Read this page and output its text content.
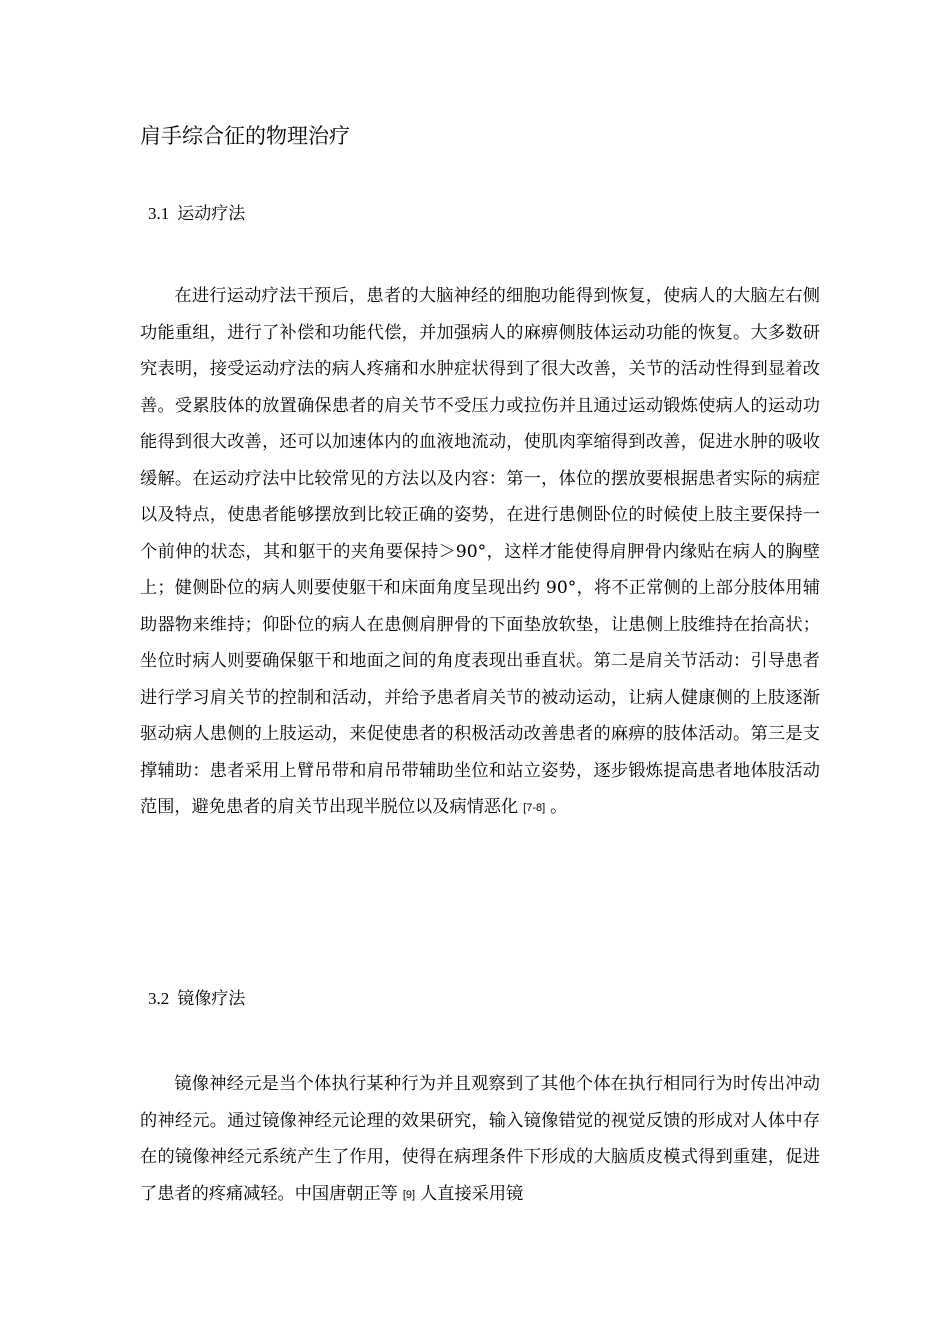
肩手综合征的物理治疗
3.1 运动疗法

在进行运动疗法干预后，患者的大脑神经的细胞功能得到恢复，使病人的大脑左右侧功能重组，进行了补偿和功能代偿，并加强病人的麻痹侧肢体运动功能的恢复。大多数研究表明，接受运动疗法的病人疼痛和水肿症状得到了很大改善，关节的活动性得到显着改善。受累肢体的放置确保患者的肩关节不受压力或拉伤并且通过运动锻炼使病人的运动功能得到很大改善，还可以加速体内的血液地流动，使肌肉挛缩得到改善，促进水肿的吸收缓解。在运动疗法中比较常见的方法以及内容：第一，体位的摆放要根据患者实际的病症以及特点，使患者能够摆放到比较正确的姿势，在进行患侧卧位的时候使上肢主要保持一个前伸的状态，其和躯干的夹角要保持＞90°，这样才能使得肩胛骨内缘贴在病人的胸壁上；健侧卧位的病人则要使躯干和床面角度呈现出约 90°，将不正常侧的上部分肢体用辅助器物来维持；仰卧位的病人在患侧肩胛骨的下面垫放软垫，让患侧上肢维持在抬高状；坐位时病人则要确保躯干和地面之间的角度表现出垂直状。第二是肩关节活动：引导患者进行学习肩关节的控制和活动，并给予患者肩关节的被动运动，让病人健康侧的上肢逐渐驱动病人患侧的上肢运动，来促使患者的积极活动改善患者的麻痹的肢体活动。第三是支撑辅助：患者采用上臂吊带和肩吊带辅助坐位和站立姿势，逐步锻炼提高患者地体肢活动范围，避免患者的肩关节出现半脱位以及病情恶化 [7-8] 。

3.2 镜像疗法

镜像神经元是当个体执行某种行为并且观察到了其他个体在执行相同行为时传出冲动的神经元。通过镜像神经元论理的效果研究，输入镜像错觉的视觉反馈的形成对人体中存在的镜像神经元系统产生了作用，使得在病理条件下形成的大脑质皮模式得到重建，促进了患者的疼痛减轻。中国唐朝正等 [9] 人直接采用镜
